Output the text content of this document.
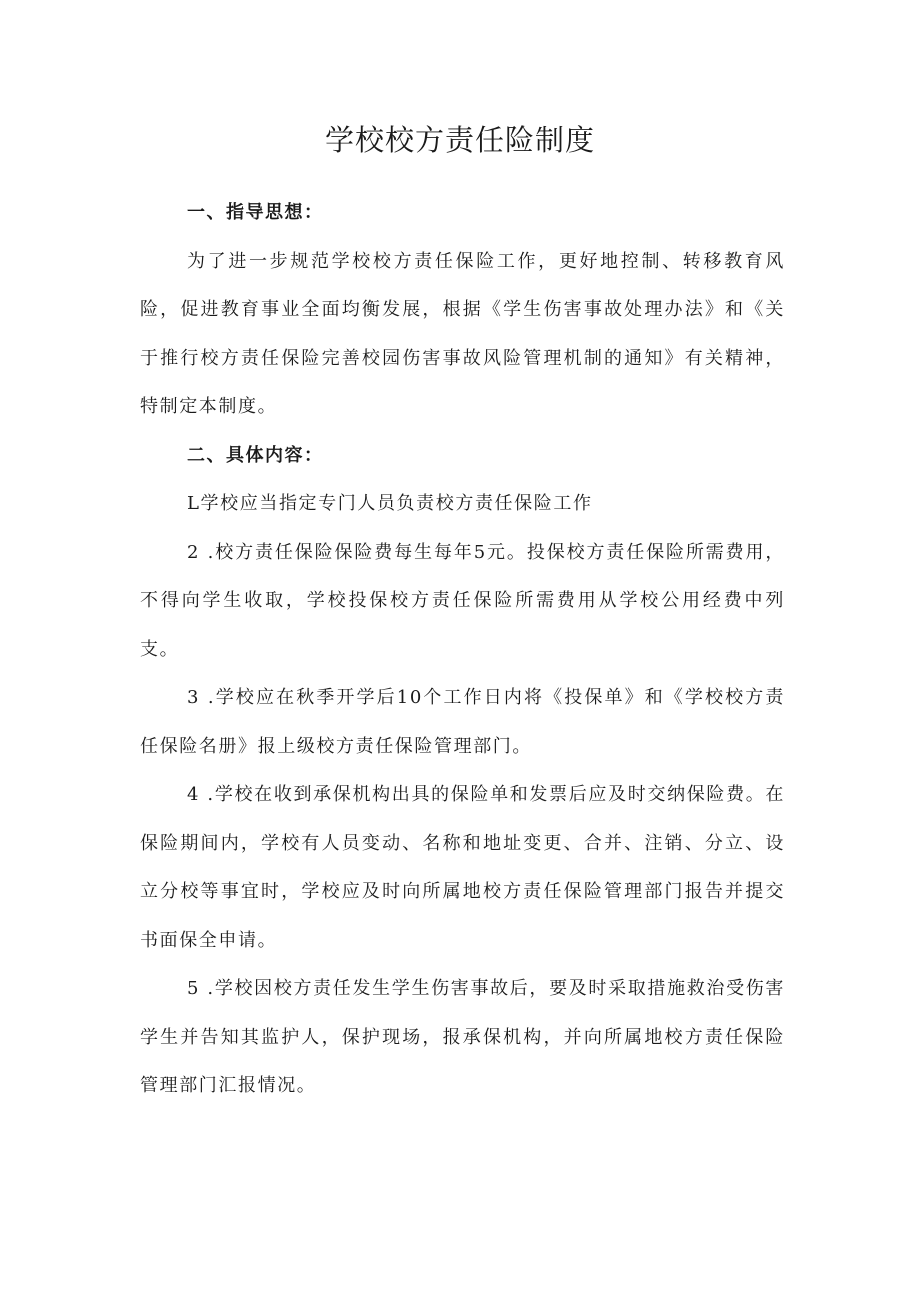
学校校方责任险制度

一、指导思想：

为了进一步规范学校校方责任保险工作，更好地控制、转移教育风险，促进教育事业全面均衡发展，根据《学生伤害事故处理办法》和《关于推行校方责任保险完善校园伤害事故风险管理机制的通知》有关精神，特制定本制度。

二、具体内容：

L学校应当指定专门人员负责校方责任保险工作

2 .校方责任保险保险费每生每年5元。投保校方责任保险所需费用，不得向学生收取，学校投保校方责任保险所需费用从学校公用经费中列支。

3 .学校应在秋季开学后10个工作日内将《投保单》和《学校校方责任保险名册》报上级校方责任保险管理部门。

4 .学校在收到承保机构出具的保险单和发票后应及时交纳保险费。在保险期间内，学校有人员变动、名称和地址变更、合并、注销、分立、设立分校等事宜时，学校应及时向所属地校方责任保险管理部门报告并提交书面保全申请。

5 .学校因校方责任发生学生伤害事故后，要及时采取措施救治受伤害学生并告知其监护人，保护现场，报承保机构，并向所属地校方责任保险管理部门汇报情况。
